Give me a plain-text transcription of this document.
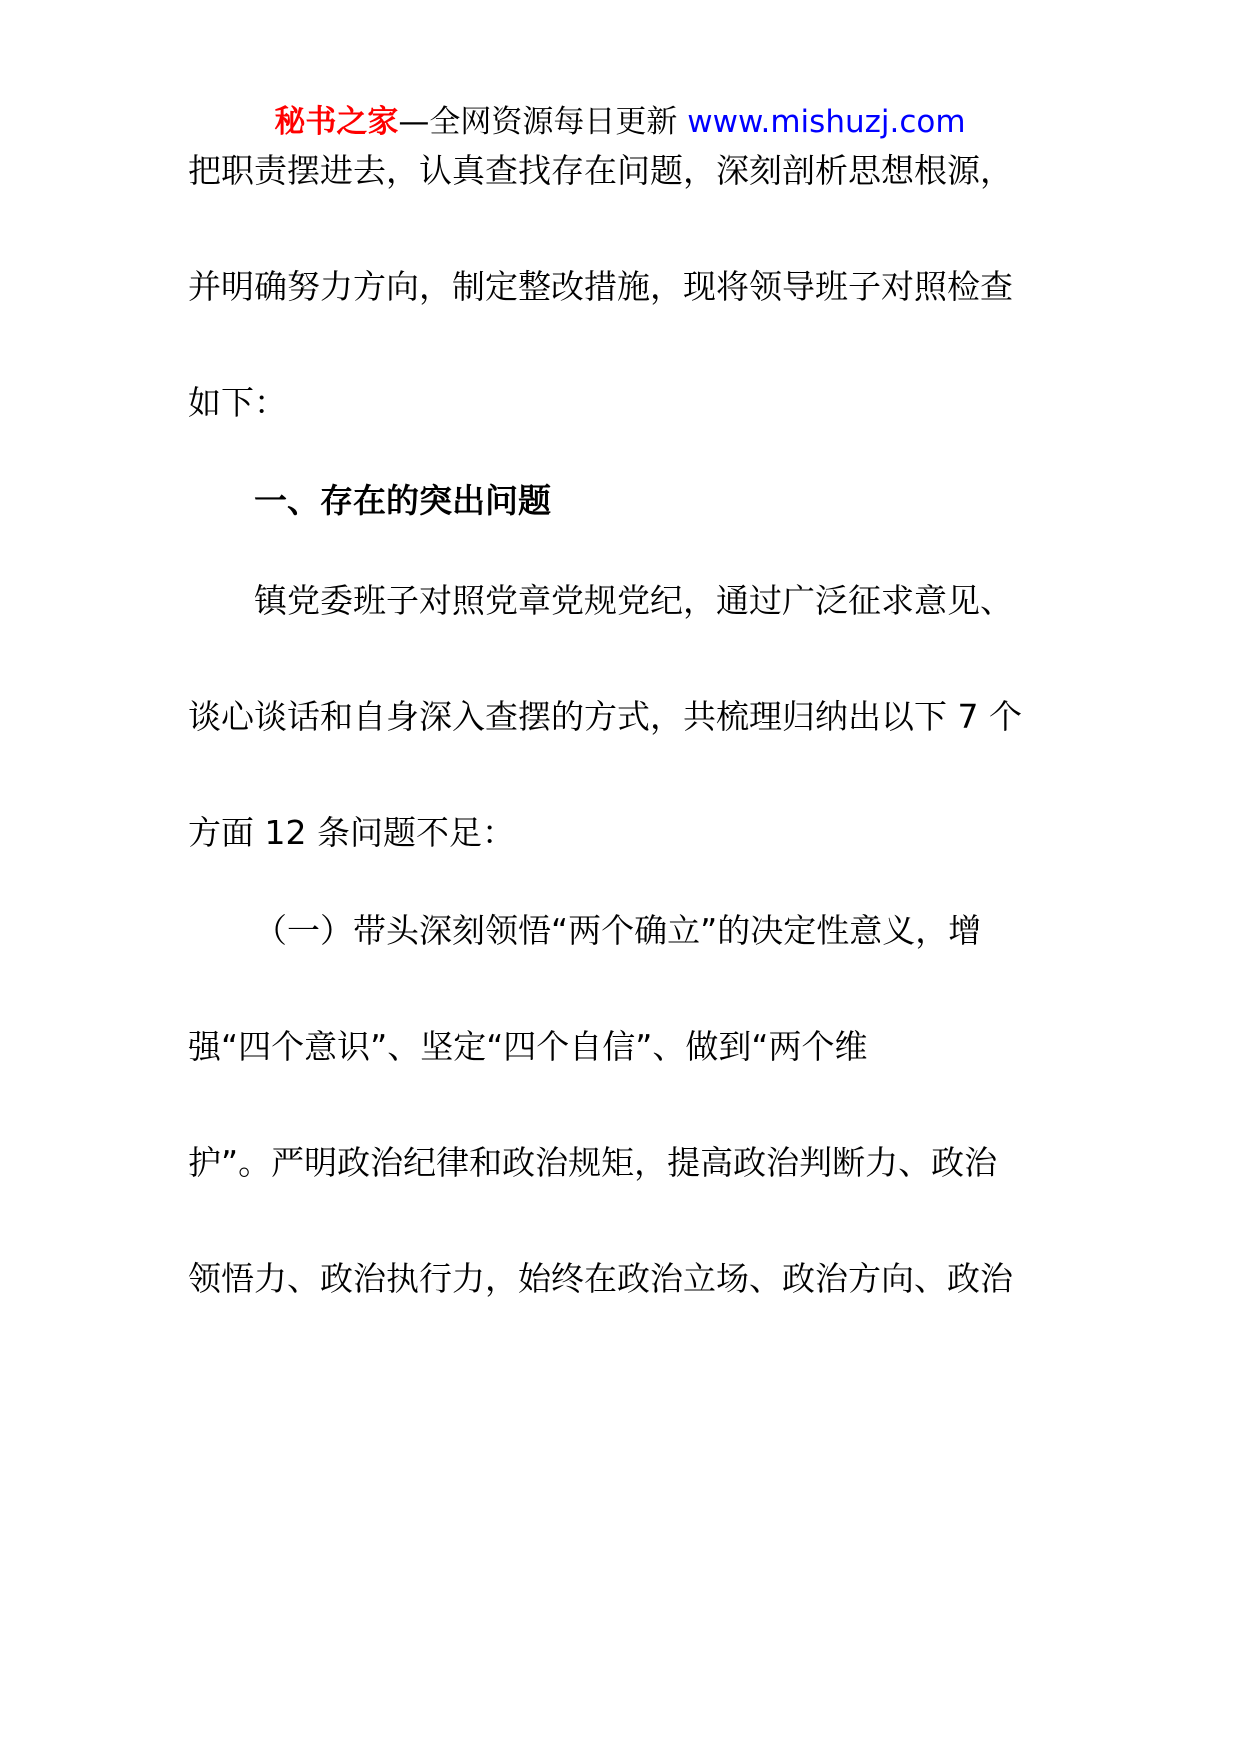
秘书之家—全网资源每日更新 www.mishuzj.com
把职责摆进去，认真查找存在问题，深刻剖析思想根源，
并明确努力方向，制定整改措施，现将领导班子对照检查
如下：
一、存在的突出问题
镇党委班子对照党章党规党纪，通过广泛征求意见、
谈心谈话和自身深入查摆的方式，共梳理归纳出以下 7 个
方面 12 条问题不足：
（一）带头深刻领悟“两个确立”的决定性意义，增
强“四个意识”、坚定“四个自信”、做到“两个维
护”。严明政治纪律和政治规矩，提高政治判断力、政治
领悟力、政治执行力，始终在政治立场、政治方向、政治
